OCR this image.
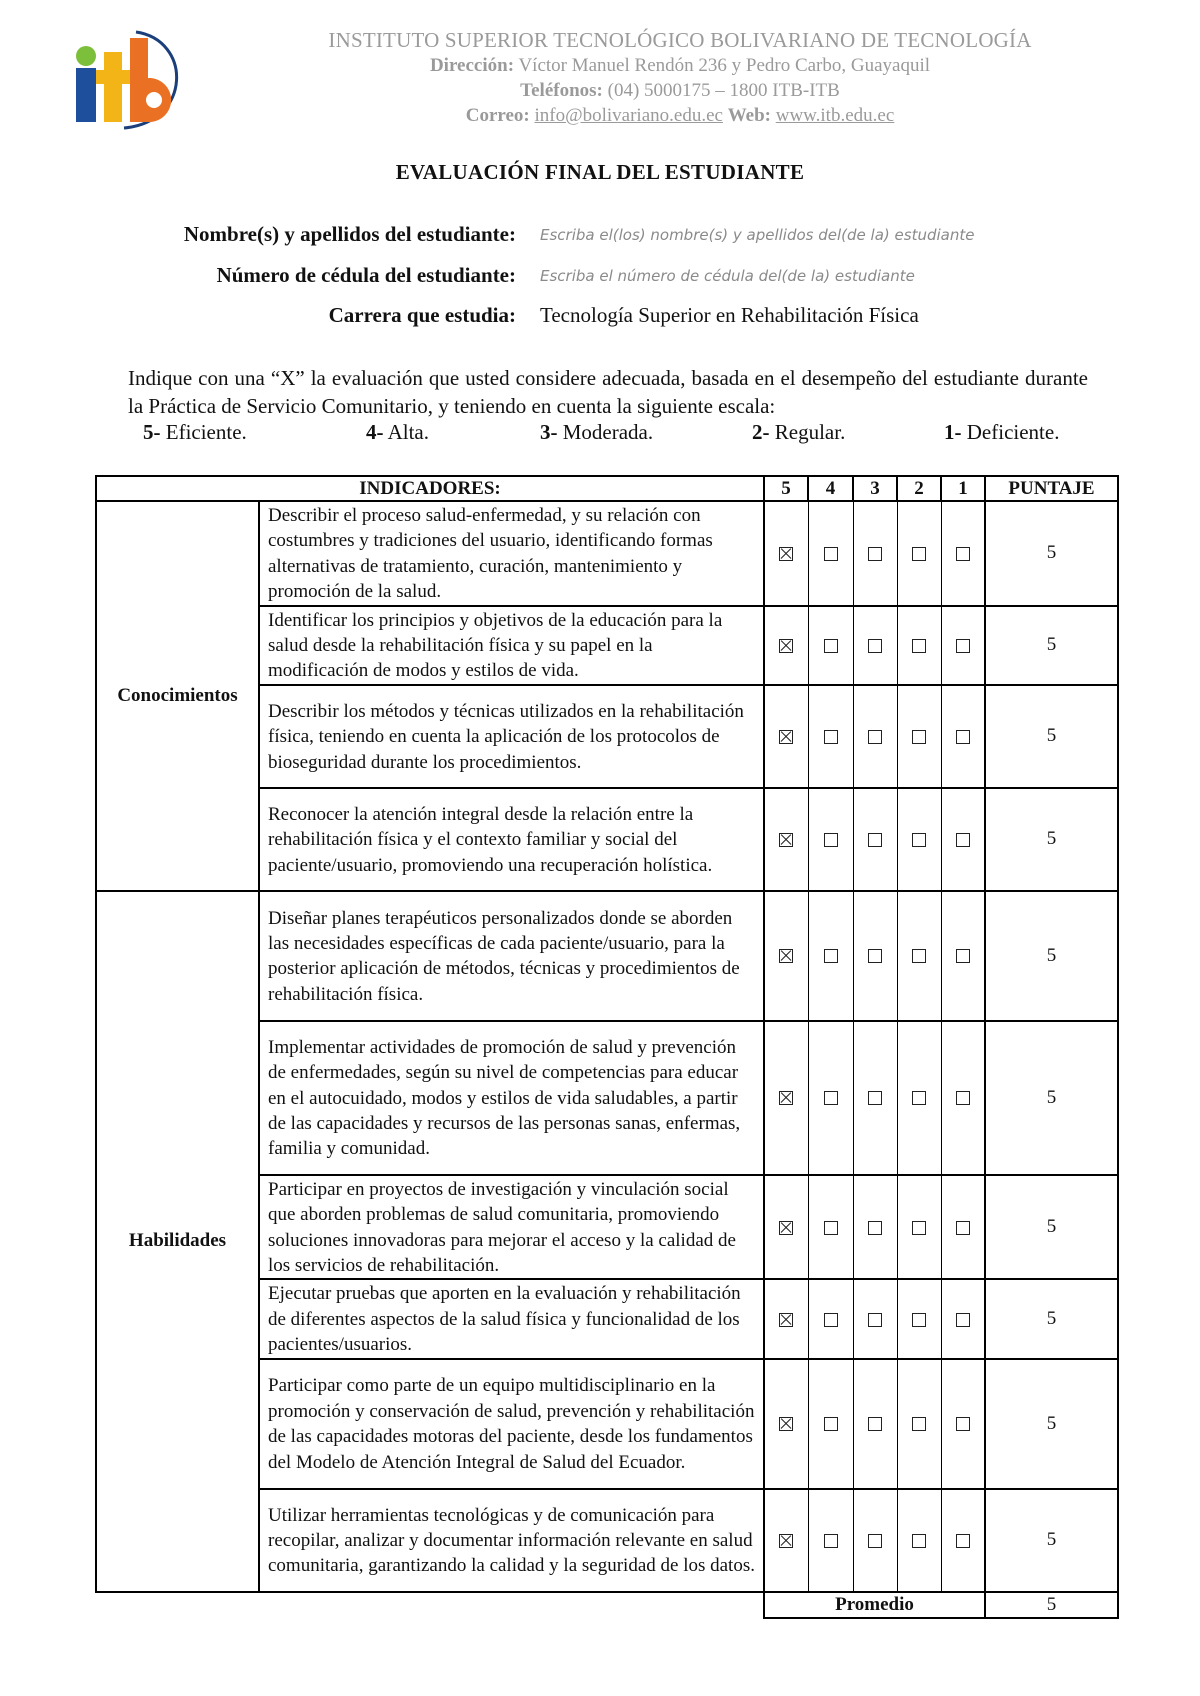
INSTITUTO SUPERIOR TECNOLÓGICO BOLIVARIANO DE TECNOLOGÍA
Dirección: Víctor Manuel Rendón 236 y Pedro Carbo, Guayaquil
Teléfonos: (04) 5000175 – 1800 ITB-ITB
Correo: info@bolivariano.edu.ec Web: www.itb.edu.ec
EVALUACIÓN FINAL DEL ESTUDIANTE
Nombre(s) y apellidos del estudiante: Escriba el(los) nombre(s) y apellidos del(de la) estudiante
Número de cédula del estudiante: Escriba el número de cédula del(de la) estudiante
Carrera que estudia: Tecnología Superior en Rehabilitación Física
Indique con una “X” la evaluación que usted considere adecuada, basada en el desempeño del estudiante durante la Práctica de Servicio Comunitario, y teniendo en cuenta la siguiente escala:
5- Eficiente.	4- Alta.	3- Moderada.	2- Regular.	1- Deficiente.
INDICADORES:		5	4	3	2	1	PUNTAJE
Conocimientos	Describir el proceso salud-enfermedad, y su relación con costumbres y tradiciones del usuario, identificando formas alternativas de tratamiento, curación, mantenimiento y promoción de la salud.						5
	Identificar los principios y objetivos de la educación para la salud desde la rehabilitación física y su papel en la modificación de modos y estilos de vida.						5
	Describir los métodos y técnicas utilizados en la rehabilitación física, teniendo en cuenta la aplicación de los protocolos de bioseguridad durante los procedimientos.						5
	Reconocer la atención integral desde la relación entre la rehabilitación física y el contexto familiar y social del paciente/usuario, promoviendo una recuperación holística.						5
Habilidades	Diseñar planes terapéuticos personalizados donde se aborden las necesidades específicas de cada paciente/usuario, para la posterior aplicación de métodos, técnicas y procedimientos de rehabilitación física.						5
	Implementar actividades de promoción de salud y prevención de enfermedades, según su nivel de competencias para educar en el autocuidado, modos y estilos de vida saludables, a partir de las capacidades y recursos de las personas sanas, enfermas, familia y comunidad.						5
	Participar en proyectos de investigación y vinculación social que aborden problemas de salud comunitaria, promoviendo soluciones innovadoras para mejorar el acceso y la calidad de los servicios de rehabilitación.						5
	Ejecutar pruebas que aporten en la evaluación y rehabilitación de diferentes aspectos de la salud física y funcionalidad de los pacientes/usuarios.						5
	Participar como parte de un equipo multidisciplinario en la promoción y conservación de salud, prevención y rehabilitación de las capacidades motoras del paciente, desde los fundamentos del Modelo de Atención Integral de Salud del Ecuador.						5
	Utilizar herramientas tecnológicas y de comunicación para recopilar, analizar y documentar información relevante en salud comunitaria, garantizando la calidad y la seguridad de los datos.						5
		Promedio					5
